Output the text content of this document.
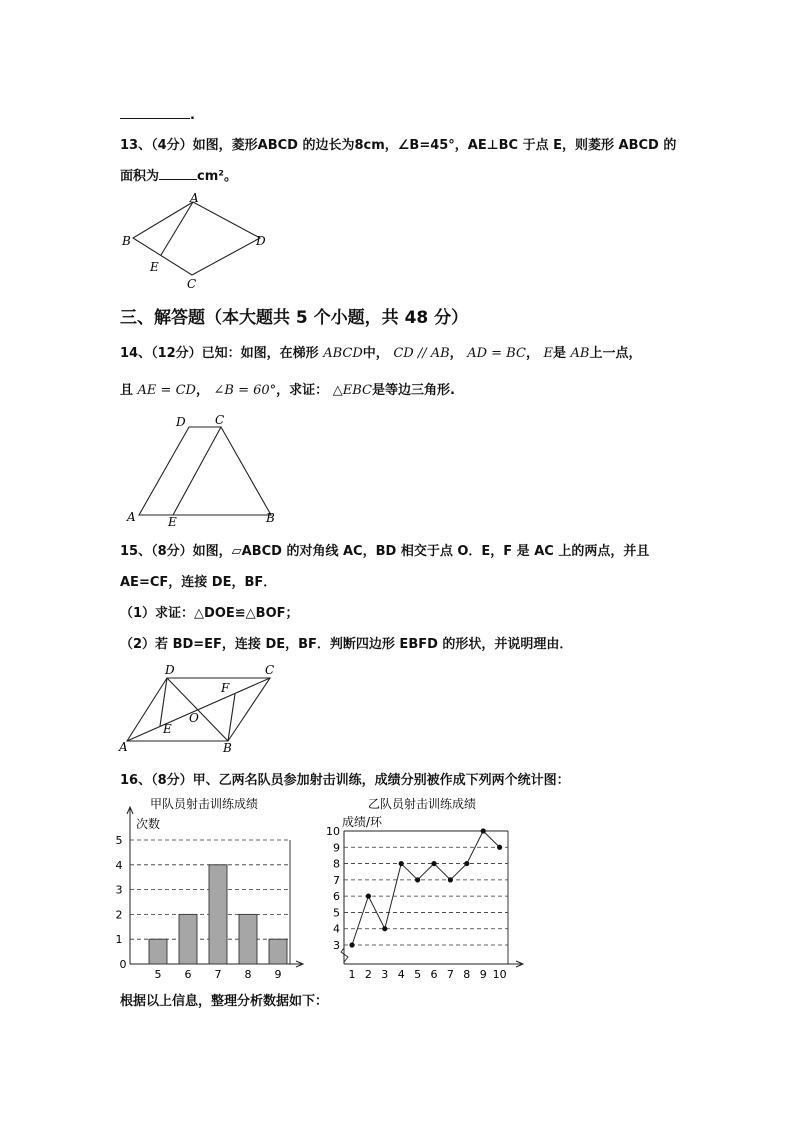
.
13、（4分）如图，菱形ABCD 的边长为8cm，∠B=45°，AE⊥BC 于点 E，则菱形 ABCD 的
面积为	cm²。
A
B
C
D
E
三、解答题（本大题共 5 个小题，共 48 分）
14、（12分）已知：如图，在梯形 ABCD中， CD // AB， AD = BC， E是 AB上一点，
且 AE = CD， ∠B = 60°，求证： △EBC是等边三角形.
A	B
C
D
E
15、（8分）如图，▱ABCD 的对角线 AC，BD 相交于点 O．E，F 是 AC 上的两点，并且
AE=CF，连接 DE，BF．
（1）求证：△DOE≌△BOF；
（2）若 BD=EF，连接 DE，BF．判断四边形 EBFD 的形状，并说明理由．
A	B
C
D
E
F
O
16、（8分）甲、乙两名队员参加射击训练，成绩分别被作成下列两个统计图：
甲队员射击训练成绩
次数
0
1
2
3
4
5
5 6 7 8 9
乙队员射击训练成绩
成绩/环
3
4
5
6
7
8
9
10
1 2 3 4 5 6 7 8 9 10
根据以上信息，整理分析数据如下：
